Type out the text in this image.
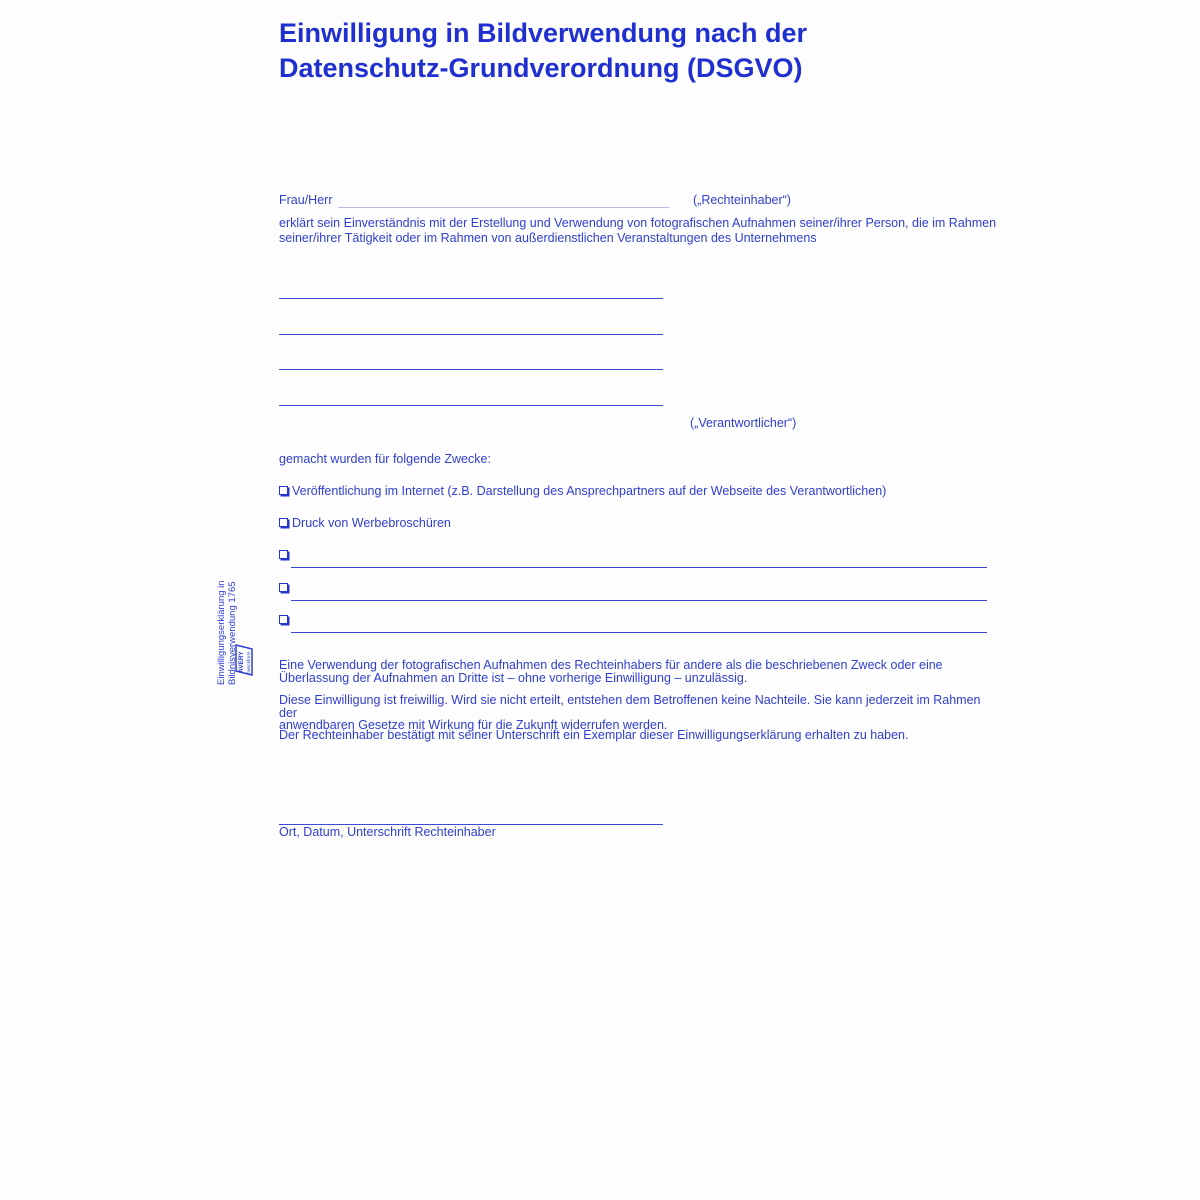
Einwilligung in Bildverwendung nach der
Datenschutz-Grundverordnung (DSGVO)
Frau/Herr	(„Rechteinhaber“)
erklärt sein Einverständnis mit der Erstellung und Verwendung von fotografischen Aufnahmen seiner/ihrer Person, die im Rahmen
seiner/ihrer Tätigkeit oder im Rahmen von außerdienstlichen Veranstaltungen des Unternehmens
(„Verantwortlicher“)
gemacht wurden für folgende Zwecke:
Veröffentlichung im Internet (z.B. Darstellung des Ansprechpartners auf der Webseite des Verantwortlichen)
Druck von Werbebroschüren
Eine Verwendung der fotografischen Aufnahmen des Rechteinhabers für andere als die beschriebenen Zweck oder eine
Überlassung der Aufnahmen an Dritte ist – ohne vorherige Einwilligung – unzulässig.
Diese Einwilligung ist freiwillig. Wird sie nicht erteilt, entstehen dem Betroffenen keine Nachteile. Sie kann jederzeit im Rahmen der
anwendbaren Gesetze mit Wirkung für die Zukunft widerrufen werden.
Der Rechteinhaber bestätigt mit seiner Unterschrift ein Exemplar dieser Einwilligungserklärung erhalten zu haben.
Ort, Datum, Unterschrift Rechteinhaber
Einwilligungserklärung in Bildnisverwendung 1765 AVERY Zweckform
